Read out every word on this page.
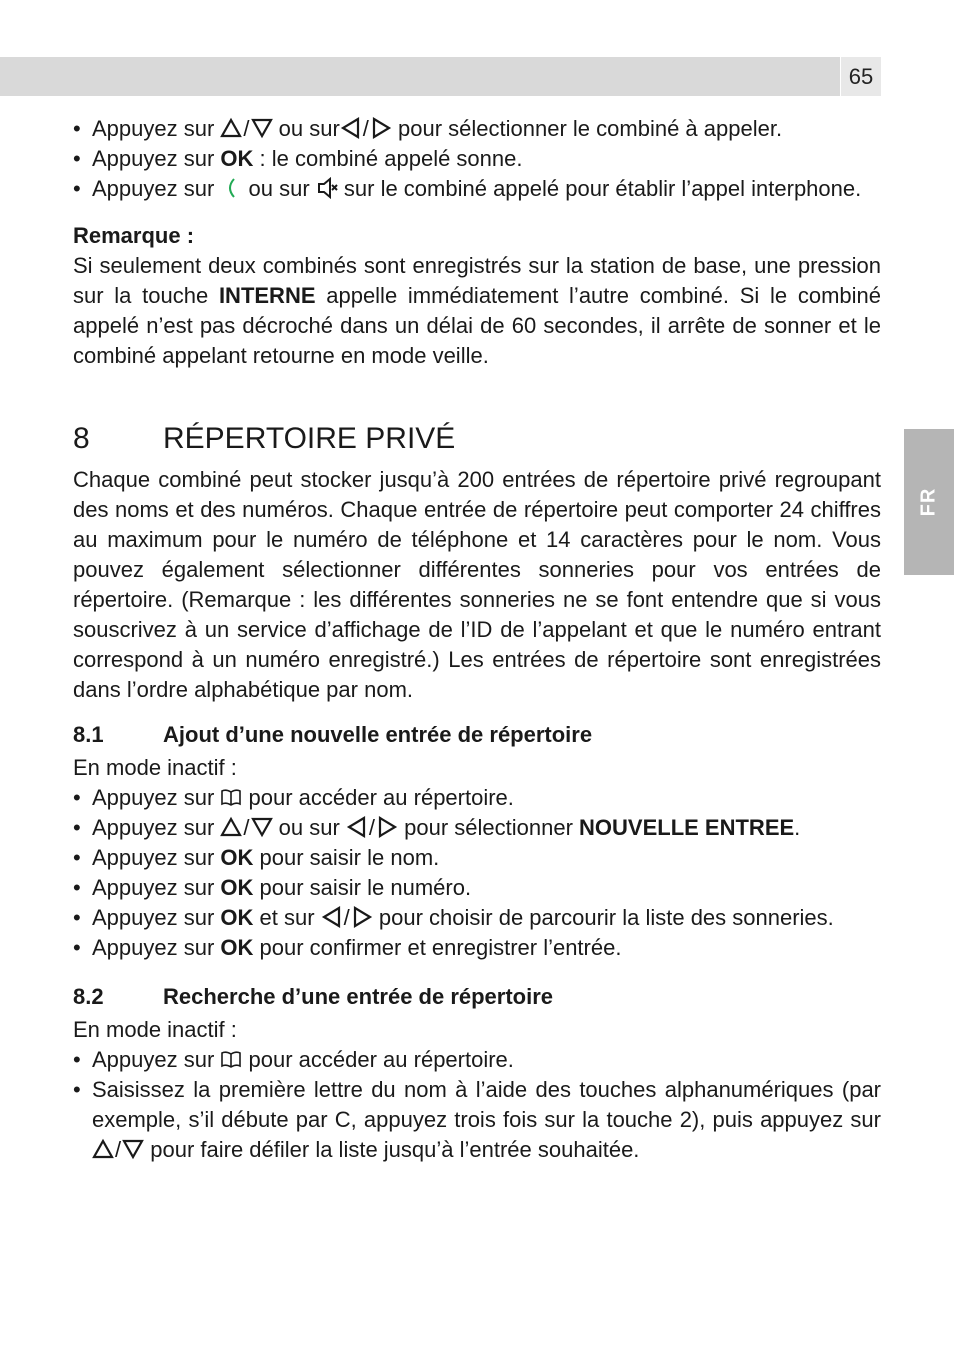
65
FR
• Appuyez sur
/
ou sur /
pour sélectionner le combiné à appeler.
• Appuyez sur OK : le combiné appelé sonne.
• Appuyez sur
ou sur
sur le combiné appelé pour établir l’appel interphone.
Remarque :

Si seulement deux combinés sont enregistrés sur la station de base, une pression sur la touche INTERNE appelle immédiatement l’autre combiné. Si le combiné appelé n’est pas décroché dans un délai de 60 secondes, il arrête de sonner et le combiné appelant retourne en mode veille.

8 RÉPERTOIRE PRIVÉ

Chaque combiné peut stocker jusqu’à 200 entrées de répertoire privé regroupant des noms et des numéros. Chaque entrée de répertoire peut comporter 24 chiffres au maximum pour le numéro de téléphone et 14 caractères pour le nom. Vous pouvez également sélectionner différentes sonneries pour vos entrées de répertoire. (Remarque : les différentes sonneries ne se font entendre que si vous souscrivez à un service d’affichage de l’ID de l’appelant et que le numéro entrant correspond à un numéro enregistré.) Les entrées de répertoire sont enregistrées dans l’ordre alphabétique par nom.

8.1	Ajout d’une nouvelle entrée de répertoire

En mode inactif :

• Appuyez sur
pour accéder au répertoire.
• Appuyez sur
/
ou sur
/
pour sélectionner NOUVELLE ENTREE.
• Appuyez sur OK pour saisir le nom.
• Appuyez sur OK pour saisir le numéro.
• Appuyez sur OK et sur
/
pour choisir de parcourir la liste des sonneries.
• Appuyez sur OK pour confirmer et enregistrer l’entrée.
8.2	Recherche d’une entrée de répertoire

En mode inactif :

• Appuyez sur
pour accéder au répertoire.
• Saisissez la première lettre du nom à l’aide des touches alphanumériques (par exemple, s’il débute par C, appuyez trois fois sur la touche 2), puis appuyez sur
/
pour faire défiler la liste jusqu’à l’entrée souhaitée.
